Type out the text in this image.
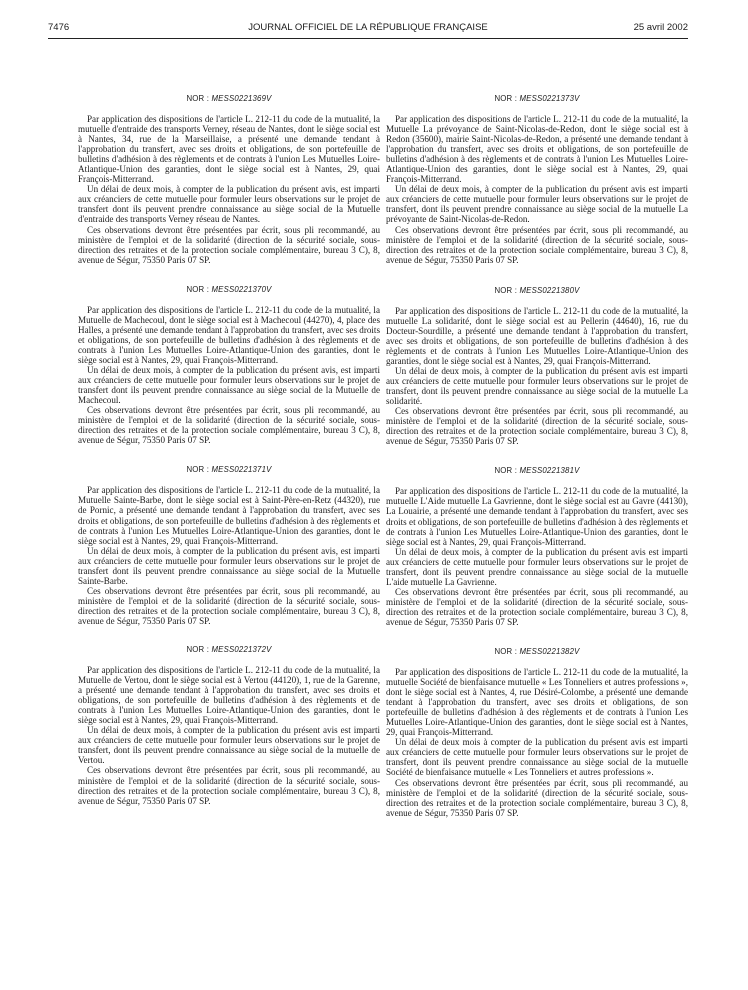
7476	JOURNAL OFFICIEL DE LA RÉPUBLIQUE FRANÇAISE	25 avril 2002
NOR : MESS0221369V

Par application des dispositions de l'article L. 212-11 du code de la mutualité, la mutuelle d'entraide des transports Verney, réseau de Nantes, dont le siège social est à Nantes, 34, rue de la Marseillaise, a présenté une demande tendant à l'approbation du transfert, avec ses droits et obligations, de son portefeuille de bulletins d'adhésion à des règlements et de contrats à l'union Les Mutuelles Loire-Atlantique-Union des garanties, dont le siège social est à Nantes, 29, quai François-Mitterrand.

Un délai de deux mois, à compter de la publication du présent avis, est imparti aux créanciers de cette mutuelle pour formuler leurs observations sur le projet de transfert dont ils peuvent prendre connaissance au siège social de la Mutuelle d'entraide des transports Verney réseau de Nantes.

Ces observations devront être présentées par écrit, sous pli recommandé, au ministère de l'emploi et de la solidarité (direction de la sécurité sociale, sous-direction des retraites et de la protection sociale complémentaire, bureau 3 C), 8, avenue de Ségur, 75350 Paris 07 SP.

NOR : MESS0221370V

Par application des dispositions de l'article L. 212-11 du code de la mutualité, la Mutuelle de Machecoul, dont le siège social est à Machecoul (44270), 4, place des Halles, a présenté une demande tendant à l'approbation du transfert, avec ses droits et obligations, de son portefeuille de bulletins d'adhésion à des règlements et de contrats à l'union Les Mutuelles Loire-Atlantique-Union des garanties, dont le siège social est à Nantes, 29, quai François-Mitterrand.

Un délai de deux mois, à compter de la publication du présent avis, est imparti aux créanciers de cette mutuelle pour formuler leurs observations sur le projet de transfert dont ils peuvent prendre connaissance au siège social de la Mutuelle de Machecoul.

Ces observations devront être présentées par écrit, sous pli recommandé, au ministère de l'emploi et de la solidarité (direction de la sécurité sociale, sous-direction des retraites et de la protection sociale complémentaire, bureau 3 C), 8, avenue de Ségur, 75350 Paris 07 SP.

NOR : MESS0221371V

Par application des dispositions de l'article L. 212-11 du code de la mutualité, la Mutuelle Sainte-Barbe, dont le siège social est à Saint-Père-en-Retz (44320), rue de Pornic, a présenté une demande tendant à l'approbation du transfert, avec ses droits et obligations, de son portefeuille de bulletins d'adhésion à des règlements et de contrats à l'union Les Mutuelles Loire-Atlantique-Union des garanties, dont le siège social est à Nantes, 29, quai François-Mitterrand.

Un délai de deux mois, à compter de la publication du présent avis, est imparti aux créanciers de cette mutuelle pour formuler leurs observations sur le projet de transfert dont ils peuvent prendre connaissance au siège social de la Mutuelle Sainte-Barbe.

Ces observations devront être présentées par écrit, sous pli recommandé, au ministère de l'emploi et de la solidarité (direction de la sécurité sociale, sous-direction des retraites et de la protection sociale complémentaire, bureau 3 C), 8, avenue de Ségur, 75350 Paris 07 SP.

NOR : MESS0221372V

Par application des dispositions de l'article L. 212-11 du code de la mutualité, la Mutuelle de Vertou, dont le siège social est à Vertou (44120), 1, rue de la Garenne, a présenté une demande tendant à l'approbation du transfert, avec ses droits et obligations, de son portefeuille de bulletins d'adhésion à des règlements et de contrats à l'union Les Mutuelles Loire-Atlantique-Union des garanties, dont le siège social est à Nantes, 29, quai François-Mitterrand.

Un délai de deux mois, à compter de la publication du présent avis est imparti aux créanciers de cette mutuelle pour formuler leurs observations sur le projet de transfert, dont ils peuvent prendre connaissance au siège social de la mutuelle de Vertou.

Ces observations devront être présentées par écrit, sous pli recommandé, au ministère de l'emploi et de la solidarité (direction de la sécurité sociale, sous-direction des retraites et de la protection sociale complémentaire, bureau 3 C), 8, avenue de Ségur, 75350 Paris 07 SP.

NOR : MESS0221373V

Par application des dispositions de l'article L. 212-11 du code de la mutualité, la Mutuelle La prévoyance de Saint-Nicolas-de-Redon, dont le siège social est à Redon (35600), mairie Saint-Nicolas-de-Redon, a présenté une demande tendant à l'approbation du transfert, avec ses droits et obligations, de son portefeuille de bulletins d'adhésion à des règlements et de contrats à l'union Les Mutuelles Loire-Atlantique-Union des garanties, dont le siège social est à Nantes, 29, quai François-Mitterrand.

Un délai de deux mois, à compter de la publication du présent avis est imparti aux créanciers de cette mutuelle pour formuler leurs observations sur le projet de transfert, dont ils peuvent prendre connaissance au siège social de la mutuelle La prévoyante de Saint-Nicolas-de-Redon.

Ces observations devront être présentées par écrit, sous pli recommandé, au ministère de l'emploi et de la solidarité (direction de la sécurité sociale, sous-direction des retraites et de la protection sociale complémentaire, bureau 3 C), 8, avenue de Ségur, 75350 Paris 07 SP.

NOR : MESS0221380V

Par application des dispositions de l'article L. 212-11 du code de la mutualité, la mutuelle La solidarité, dont le siège social est au Pellerin (44640), 16, rue du Docteur-Sourdille, a présenté une demande tendant à l'approbation du transfert, avec ses droits et obligations, de son portefeuille de bulletins d'adhésion à des règlements et de contrats à l'union Les Mutuelles Loire-Atlantique-Union des garanties, dont le siège social est à Nantes, 29, quai François-Mitterrand.

Un délai de deux mois, à compter de la publication du présent avis est imparti aux créanciers de cette mutuelle pour formuler leurs observations sur le projet de transfert, dont ils peuvent prendre connaissance au siège social de la mutuelle La solidarité.

Ces observations devront être présentées par écrit, sous pli recommandé, au ministère de l'emploi et de la solidarité (direction de la sécurité sociale, sous-direction des retraites et de la protection sociale complémentaire, bureau 3 C), 8, avenue de Ségur, 75350 Paris 07 SP.

NOR : MESS0221381V

Par application des dispositions de l'article L. 212-11 du code de la mutualité, la mutuelle L'Aide mutuelle La Gavrienne, dont le siège social est au Gavre (44130), La Louairie, a présenté une demande tendant à l'approbation du transfert, avec ses droits et obligations, de son portefeuille de bulletins d'adhésion à des règlements et de contrats à l'union Les Mutuelles Loire-Atlantique-Union des garanties, dont le siège social est à Nantes, 29, quai François-Mitterrand.

Un délai de deux mois, à compter de la publication du présent avis est imparti aux créanciers de cette mutuelle pour formuler leurs observations sur le projet de transfert, dont ils peuvent prendre connaissance au siège social de la mutuelle L'aide mutuelle La Gavrienne.

Ces observations devront être présentées par écrit, sous pli recommandé, au ministère de l'emploi et de la solidarité (direction de la sécurité sociale, sous-direction des retraites et de la protection sociale complémentaire, bureau 3 C), 8, avenue de Ségur, 75350 Paris 07 SP.

NOR : MESS0221382V

Par application des dispositions de l'article L. 212-11 du code de la mutualité, la mutuelle Société de bienfaisance mutuelle « Les Tonneliers et autres professions », dont le siège social est à Nantes, 4, rue Désiré-Colombe, a présenté une demande tendant à l'approbation du transfert, avec ses droits et obligations, de son portefeuille de bulletins d'adhésion à des règlements et de contrats à l'union Les Mutuelles Loire-Atlantique-Union des garanties, dont le siège social est à Nantes, 29, quai François-Mitterrand.

Un délai de deux mois à compter de la publication du présent avis est imparti aux créanciers de cette mutuelle pour formuler leurs observations sur le projet de transfert, dont ils peuvent prendre connaissance au siège social de la mutuelle Société de bienfaisance mutuelle « Les Tonneliers et autres professions ».

Ces observations devront être présentées par écrit, sous pli recommandé, au ministère de l'emploi et de la solidarité (direction de la sécurité sociale, sous-direction des retraites et de la protection sociale complémentaire, bureau 3 C), 8, avenue de Ségur, 75350 Paris 07 SP.
